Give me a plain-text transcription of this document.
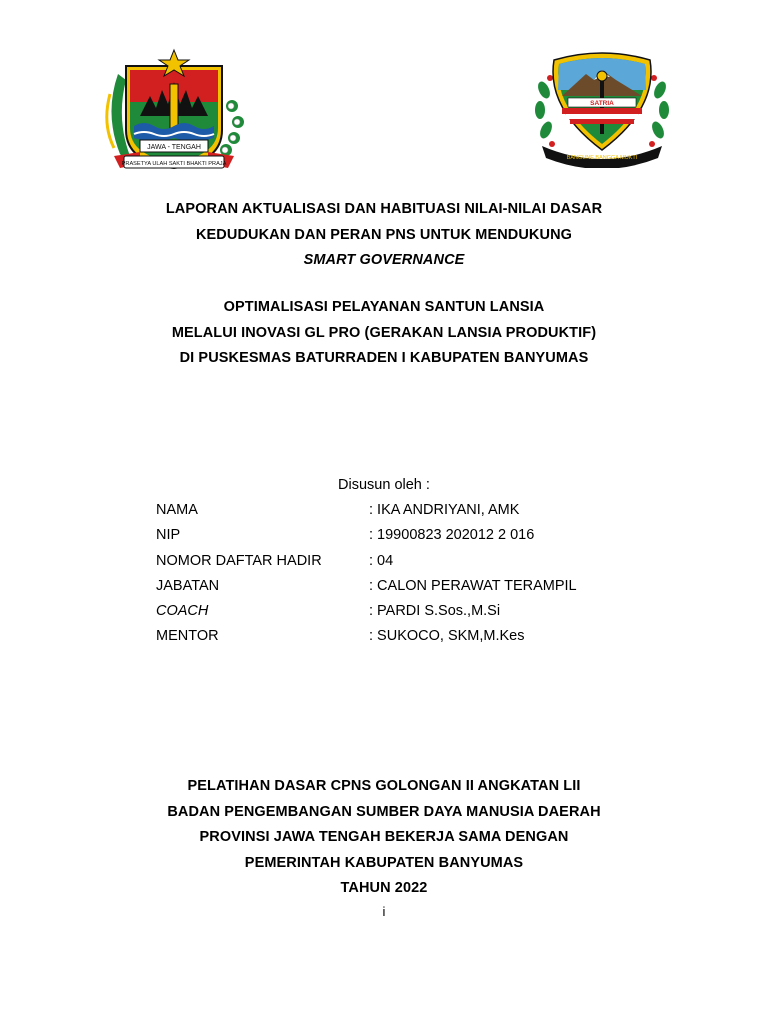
JAWA - TENGAH
PRASETYA ULAH SAKTI BHAKTI PRAJA
SATRIA
BANGUNE BANGGA MUKTI
LAPORAN AKTUALISASI DAN HABITUASI NILAI-NILAI DASAR
KEDUDUKAN DAN PERAN PNS UNTUK MENDUKUNG
SMART GOVERNANCE
OPTIMALISASI PELAYANAN SANTUN LANSIA
MELALUI INOVASI GL PRO (GERAKAN LANSIA PRODUKTIF)
DI PUSKESMAS BATURRADEN I KABUPATEN BANYUMAS
Disusun oleh :
NAMA	: IKA ANDRIYANI, AMK
NIP	: 19900823 202012 2 016
NOMOR DAFTAR HADIR	: 04
JABATAN	: CALON PERAWAT TERAMPIL
COACH	: PARDI S.Sos.,M.Si
MENTOR	: SUKOCO, SKM,M.Kes
PELATIHAN DASAR CPNS GOLONGAN II ANGKATAN LII
BADAN PENGEMBANGAN SUMBER DAYA MANUSIA DAERAH
PROVINSI JAWA TENGAH BEKERJA SAMA DENGAN
PEMERINTAH KABUPATEN BANYUMAS
TAHUN 2022
i
